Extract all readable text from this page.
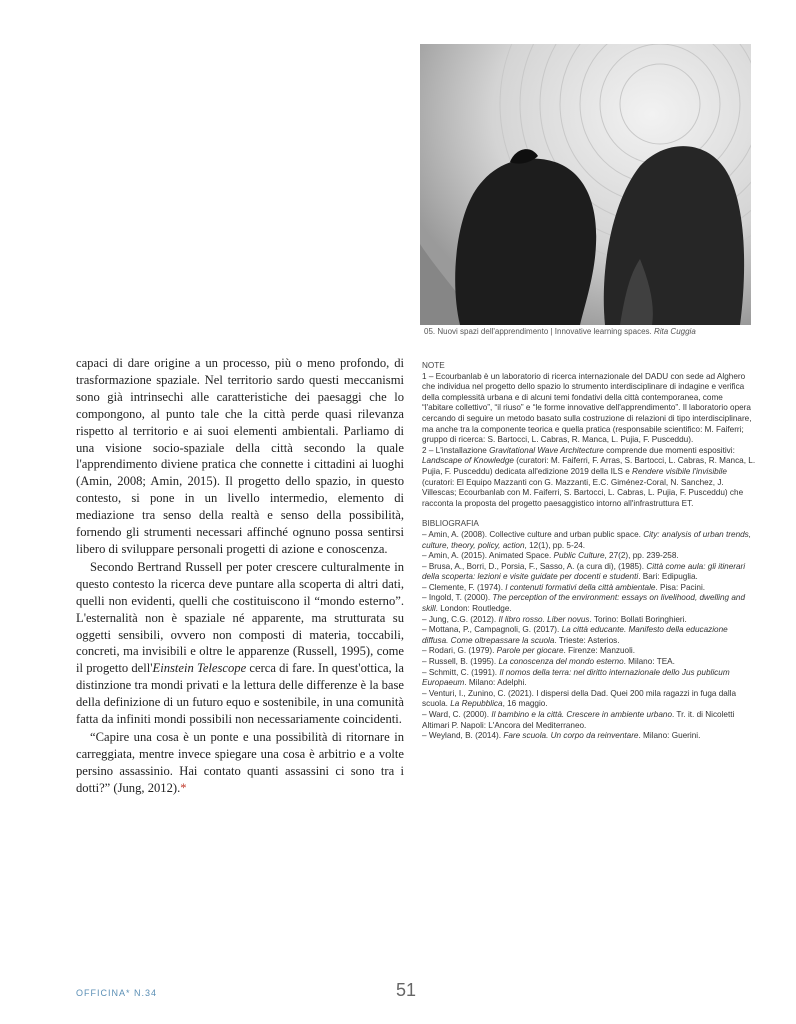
05. Nuovi spazi dell'apprendimento | Innovative learning spaces. Rita Cuggia

capaci di dare origine a un processo, più o meno profondo, di trasformazione spaziale. Nel territorio sardo questi meccanismi sono già intrinsechi alle caratteristiche dei paesaggi che lo compongono, al punto tale che la città perde quasi rilevanza rispetto al territorio e ai suoi elementi ambientali. Parliamo di una visione socio-spaziale della città secondo la quale l'apprendimento diviene pratica che connette i cittadini ai luoghi (Amin, 2008; Amin, 2015). Il progetto dello spazio, in questo contesto, si pone in un livello intermedio, elemento di mediazione tra senso della realtà e senso della possibilità, fornendo gli strumenti necessari affinché ognuno possa sentirsi libero di sviluppare personali progetti di azione e conoscenza.

Secondo Bertrand Russell per poter crescere culturalmente in questo contesto la ricerca deve puntare alla scoperta di altri dati, quelli non evidenti, quelli che costituiscono il “mondo esterno”. L'esternalità non è spaziale né apparente, ma strutturata su oggetti sensibili, ovvero non composti di materia, toccabili, concreti, ma invisibili e oltre le apparenze (Russell, 1995), come il progetto dell'Einstein Telescope cerca di fare. In quest'ottica, la distinzione tra mondi privati e la lettura delle differenze è la base della definizione di un futuro equo e sostenibile, in una comunità fatta da infiniti mondi possibili non necessariamente coincidenti.

“Capire una cosa è un ponte e una possibilità di ritornare in carreggiata, mentre invece spiegare una cosa è arbitrio e a volte persino assassinio. Hai contato quanti assassini ci sono tra i dotti?” (Jung, 2012).*

NOTE

1 – Ecourbanlab è un laboratorio di ricerca internazionale del DADU con sede ad Alghero che individua nel progetto dello spazio lo strumento interdisciplinare di indagine e verifica della complessità urbana e di alcuni temi fondativi della città contemporanea, come “l'abitare collettivo”, “il riuso” e “le forme innovative dell'apprendimento”. Il laboratorio opera cercando di seguire un metodo basato sulla costruzione di relazioni di tipo interdisciplinare, ma anche tra la componente teorica e quella pratica (responsabile scientifico: M. Faiferri; gruppo di ricerca: S. Bartocci, L. Cabras, R. Manca, L. Pujia, F. Pusceddu).

2 – L'installazione Gravitational Wave Architecture comprende due momenti espositivi: Landscape of Knowledge (curatori: M. Faiferri, F. Arras, S. Bartocci, L. Cabras, R. Manca, L. Pujia, F. Pusceddu) dedicata all'edizione 2019 della ILS e Rendere visibile l'invisibile (curatori: El Equipo Mazzanti con G. Mazzanti, E.C. Giménez-Coral, N. Sanchez, J. Villescas; Ecourbanlab con M. Faiferri, S. Bartocci, L. Cabras, L. Pujia, F. Pusceddu) che racconta la proposta del progetto paesaggistico intorno all'infrastruttura ET.

BIBLIOGRAFIA

– Amin, A. (2008). Collective culture and urban public space. City: analysis of urban trends, culture, theory, policy, action, 12(1), pp. 5-24.

– Amin, A. (2015). Animated Space. Public Culture, 27(2), pp. 239-258.

– Brusa, A., Borri, D., Porsia, F., Sasso, A. (a cura di), (1985). Città come aula: gli itinerari della scoperta: lezioni e visite guidate per docenti e studenti. Bari: Edipuglia.

– Clemente, F. (1974). I contenuti formativi della città ambientale. Pisa: Pacini.

– Ingold, T. (2000). The perception of the environment: essays on livelihood, dwelling and skill. London: Routledge.

– Jung, C.G. (2012). Il libro rosso. Liber novus. Torino: Bollati Boringhieri.

– Mottana, P., Campagnoli, G. (2017). La città educante. Manifesto della educazione diffusa. Come oltrepassare la scuola. Trieste: Asterios.

– Rodari, G. (1979). Parole per giocare. Firenze: Manzuoli.

– Russell, B. (1995). La conoscenza del mondo esterno. Milano: TEA.

– Schmitt, C. (1991). Il nomos della terra: nel diritto internazionale dello Jus publicum Europaeum. Milano: Adelphi.

– Venturi, I., Zunino, C. (2021). I dispersi della Dad. Quei 200 mila ragazzi in fuga dalla scuola. La Repubblica, 16 maggio.

– Ward, C. (2000). Il bambino e la città. Crescere in ambiente urbano. Tr. it. di Nicoletti Altimari P. Napoli: L'Ancora del Mediterraneo.

– Weyland, B. (2014). Fare scuola. Un corpo da reinventare. Milano: Guerini.

OFFICINA* N.34	51
